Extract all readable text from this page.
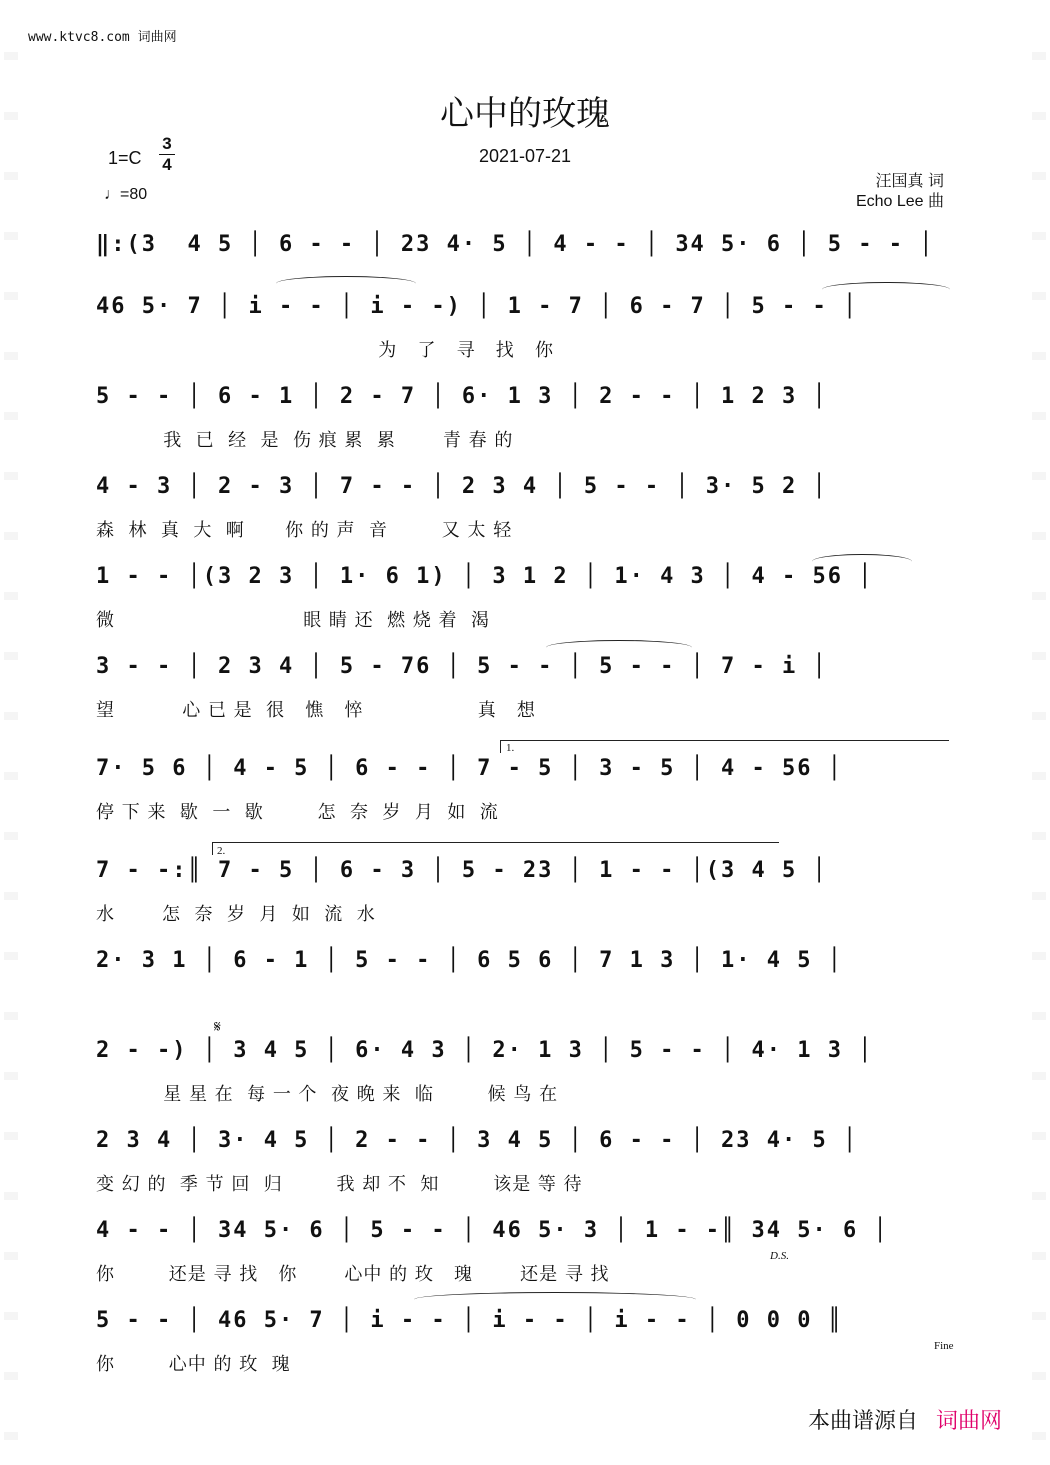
www.ktvc8.com 词曲网
心中的玫瑰
2021-07-21
1=C
3
4
♩=80
汪国真 词
Echo Lee 曲
‖:(3  4 5 │ 6 - - │ 23 4· 5 │ 4 - - │ 34 5· 6 │ 5 - - │
46 5· 7 │ i - - │ i - -) │ 1 - 7 │ 6 - 7 │ 5 - - │
为   了   寻   找   你
5 - - │ 6 - 1 │ 2 - 7 │ 6· 1 3 │ 2 - - │ 1 2 3 │
我  已  经  是  伤 痕 累  累       青 春 的
4 - 3 │ 2 - 3 │ 7 - - │ 2 3 4 │ 5 - - │ 3· 5 2 │
森  林  真  大  啊      你 的 声  音        又 太 轻
1 - - │(3 2 3 │ 1· 6 1) │ 3 1 2 │ 1· 4 3 │ 4 - 56 │
微                            眼 睛 还  燃 烧 着  渴
3 - - │ 2 3 4 │ 5 - 76 │ 5 - - │ 5 - - │ 7 - i │
望          心 已 是  很   憔   悴                 真   想
7· 5 6 │ 4 - 5 │ 6 - - │ 7 - 5 │ 3 - 5 │ 4 - 56 │
停 下 来  歇  一  歇        怎  奈  岁  月  如  流
7 - -:║ 7 - 5 │ 6 - 3 │ 5 - 23 │ 1 - - │(3 4 5 │
水       怎  奈  岁  月  如  流  水
2· 3 1 │ 6 - 1 │ 5 - - │ 6 5 6 │ 7 1 3 │ 1· 4 5 │
2 - -) │ 3 4 5 │ 6· 4 3 │ 2· 1 3 │ 5 - - │ 4· 1 3 │
星 星 在  每 一 个  夜 晚 来  临        候 鸟 在
2 3 4 │ 3· 4 5 │ 2 - - │ 3 4 5 │ 6 - - │ 23 4· 5 │
变 幻 的  季 节 回  归        我 却 不  知        该是 等 待
4 - - │ 34 5· 6 │ 5 - - │ 46 5· 3 │ 1 - -║ 34 5· 6 │
你        还是 寻 找   你       心中 的 玫   瑰       还是 寻 找
5 - - │ 46 5· 7 │ i - - │ i - - │ i - - │ 0 0 0 ║
你        心中 的 玫  瑰
1.
2.
𝄋
D.S.
Fine
本曲谱源自 词曲网
